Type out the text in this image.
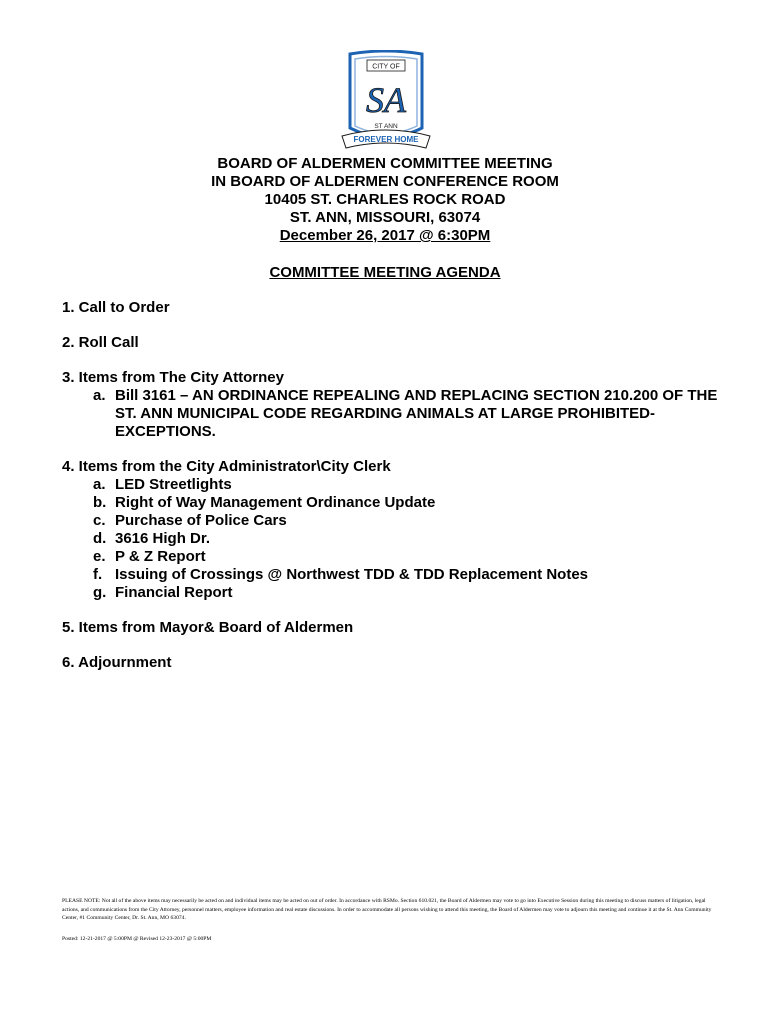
CITY OF
SA
ST ANN
FOREVER HOME
BOARD OF ALDERMEN COMMITTEE MEETING
IN BOARD OF ALDERMEN CONFERENCE ROOM
10405 ST. CHARLES ROCK ROAD
ST. ANN, MISSOURI, 63074
December 26, 2017 @ 6:30PM
COMMITTEE MEETING AGENDA
1. Call to Order
2. Roll Call
3. Items from The City Attorney
a. Bill 3161 – AN ORDINANCE REPEALING AND REPLACING SECTION 210.200 OF THE ST. ANN MUNICIPAL CODE REGARDING ANIMALS AT LARGE PROHIBITED- EXCEPTIONS.
4. Items from the City Administrator\City Clerk
a. LED Streetlights
b. Right of Way Management Ordinance Update
c. Purchase of Police Cars
d. 3616 High Dr.
e. P & Z Report
f. Issuing of Crossings @ Northwest TDD & TDD Replacement Notes
g. Financial Report
5. Items from Mayor& Board of Aldermen
6. Adjournment
PLEASE NOTE: Not all of the above items may necessarily be acted on and individual items may be acted on out of order. In accordance with RSMo. Section 610.021, the Board of Aldermen may vote to go into Executive Session during this meeting to discuss matters of litigation, legal actions, and communications from the City Attorney, personnel matters, employee information and real estate discussions. In order to accommodate all persons wishing to attend this meeting, the Board of Aldermen may vote to adjourn this meeting and continue it at the St. Ann Community Center, #1 Community Center, Dr. St. Ann, MO 63074.
Posted: 12-21-2017 @ 5:00PM @ Revised 12-23-2017 @ 5:00PM
